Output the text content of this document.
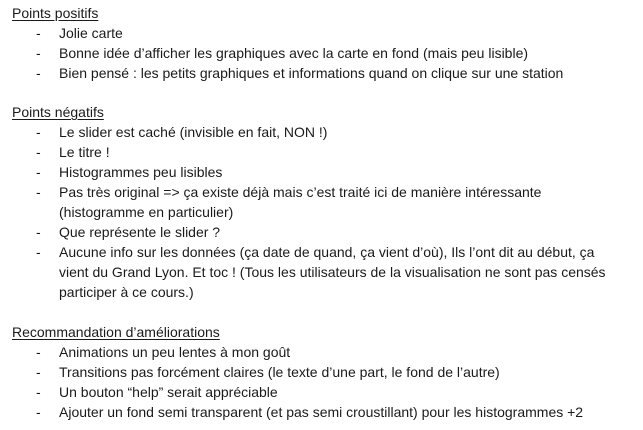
Points positifs
- Jolie carte
- Bonne idée d’afficher les graphiques avec la carte en fond (mais peu lisible)
- Bien pensé : les petits graphiques et informations quand on clique sur une station
Points négatifs
- Le slider est caché (invisible en fait, NON !)
- Le titre !
- Histogrammes peu lisibles
- Pas très original => ça existe déjà mais c’est traité ici de manière intéressante
(histogramme en particulier)
- Que représente le slider ?
- Aucune info sur les données (ça date de quand, ça vient d’où), Ils l’ont dit au début, ça
vient du Grand Lyon. Et toc ! (Tous les utilisateurs de la visualisation ne sont pas censés
participer à ce cours.)
Recommandation d’améliorations
- Animations un peu lentes à mon goût
- Transitions pas forcément claires (le texte d’une part, le fond de l’autre)
- Un bouton “help” serait appréciable
- Ajouter un fond semi transparent (et pas semi croustillant) pour les histogrammes +2
